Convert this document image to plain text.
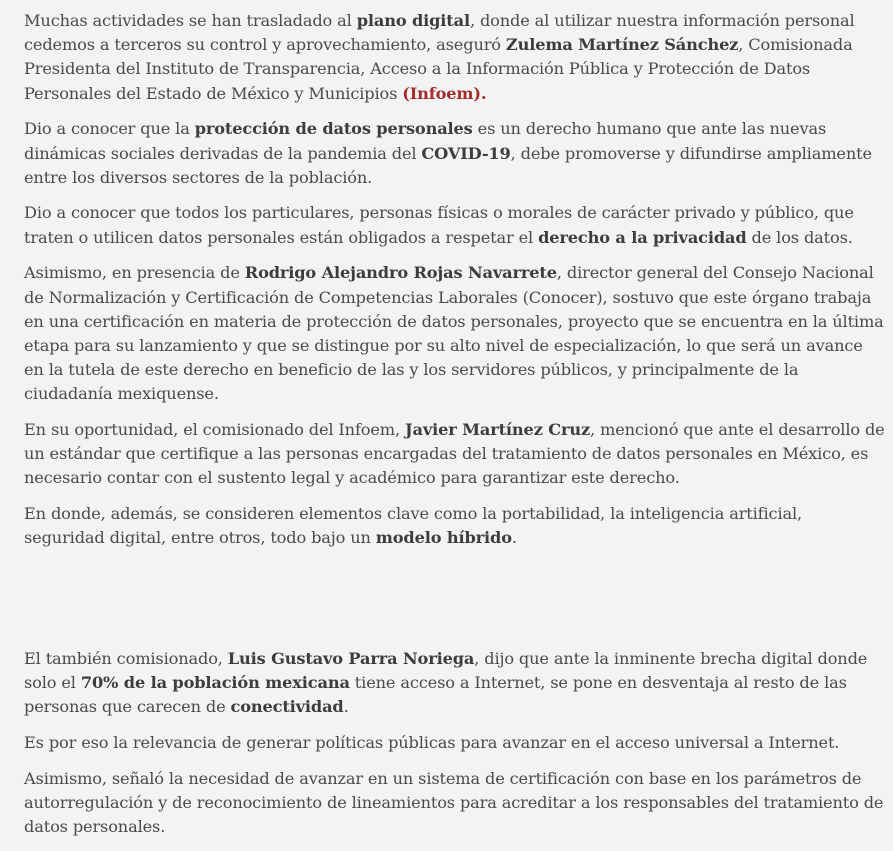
Muchas actividades se han trasladado al plano digital, donde al utilizar nuestra información personal cedemos a terceros su control y aprovechamiento, aseguró Zulema Martínez Sánchez, Comisionada Presidenta del Instituto de Transparencia, Acceso a la Información Pública y Protección de Datos Personales del Estado de México y Municipios (Infoem).

Dio a conocer que la protección de datos personales es un derecho humano que ante las nuevas dinámicas sociales derivadas de la pandemia del COVID-19, debe promoverse y difundirse ampliamente entre los diversos sectores de la población.

Dio a conocer que todos los particulares, personas físicas o morales de carácter privado y público, que traten o utilicen datos personales están obligados a respetar el derecho a la privacidad de los datos.

Asimismo, en presencia de Rodrigo Alejandro Rojas Navarrete, director general del Consejo Nacional de Normalización y Certificación de Competencias Laborales (Conocer), sostuvo que este órgano trabaja en una certificación en materia de protección de datos personales, proyecto que se encuentra en la última etapa para su lanzamiento y que se distingue por su alto nivel de especialización, lo que será un avance en la tutela de este derecho en beneficio de las y los servidores públicos, y principalmente de la ciudadanía mexiquense.

En su oportunidad, el comisionado del Infoem, Javier Martínez Cruz, mencionó que ante el desarrollo de un estándar que certifique a las personas encargadas del tratamiento de datos personales en México, es necesario contar con el sustento legal y académico para garantizar este derecho.

En donde, además, se consideren elementos clave como la portabilidad, la inteligencia artificial, seguridad digital, entre otros, todo bajo un modelo híbrido.

El también comisionado, Luis Gustavo Parra Noriega, dijo que ante la inminente brecha digital donde solo el 70% de la población mexicana tiene acceso a Internet, se pone en desventaja al resto de las personas que carecen de conectividad.

Es por eso la relevancia de generar políticas públicas para avanzar en el acceso universal a Internet.

Asimismo, señaló la necesidad de avanzar en un sistema de certificación con base en los parámetros de autorregulación y de reconocimiento de lineamientos para acreditar a los responsables del tratamiento de datos personales.
